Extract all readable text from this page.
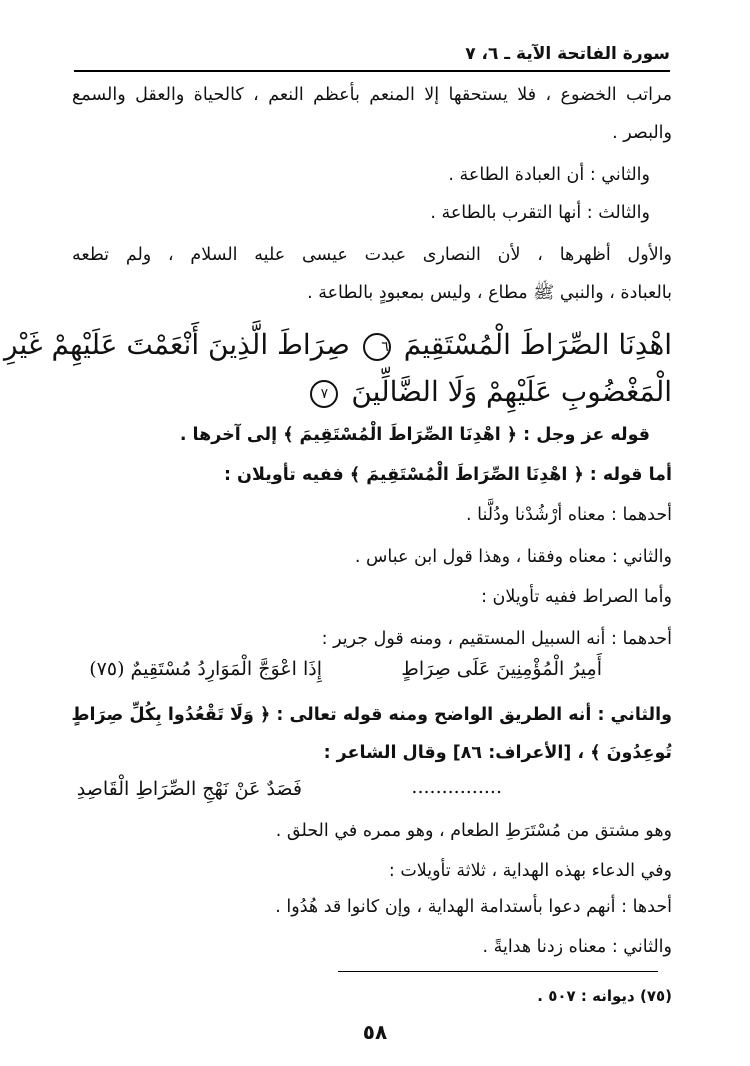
سورة الفاتحة الآية ـ ٦، ٧
مراتب الخضوع ، فلا يستحقها إلا المنعم بأعظم النعم ، كالحياة والعقل والسمع
والبصر .
والثاني : أن العبادة الطاعة .
والثالث : أنها التقرب بالطاعة .
والأول أظهرها ، لأن النصارى عبدت عيسى عليه السلام ، ولم تطعه
بالعبادة ، والنبي ﷺ مطاع ، وليس بمعبودٍ بالطاعة .
اهْدِنَا الصِّرَاطَ الْمُسْتَقِيمَ ٦ صِرَاطَ الَّذِينَ أَنْعَمْتَ عَلَيْهِمْ غَيْرِ
الْمَغْضُوبِ عَلَيْهِمْ وَلَا الضَّالِّينَ ٧
قوله عز وجل : ﴿ اهْدِنَا الصِّرَاطَ الْمُسْتَقِيمَ ﴾ إلى آخرها .
أما قوله : ﴿ اهْدِنَا الصِّرَاطَ الْمُسْتَقِيمَ ﴾ ففيه تأويلان :
أحدهما : معناه أرْشُدْنا ودُلَّنا .
والثاني : معناه وفقنا ، وهذا قول ابن عباس .
وأما الصراط ففيه تأويلان :
أحدهما : أنه السبيل المستقيم ، ومنه قول جرير :
أَمِيرُ الْمُؤْمِنِينَ عَلَى صِرَاطٍ
إِذَا اعْوَجَّ الْمَوَارِدُ مُسْتَقِيمٌ (٧٥)
والثاني : أنه الطريق الواضح ومنه قوله تعالى : ﴿ وَلَا تَقْعُدُوا بِكُلِّ صِرَاطٍ
تُوعِدُونَ ﴾ ، [الأعراف: ٨٦] وقال الشاعر :
...............
فَصَدٌ عَنْ نَهْجِ الصِّرَاطِ الْقَاصِدِ
وهو مشتق من مُسْتَرَطِ الطعام ، وهو ممره في الحلق .
وفي الدعاء بهذه الهداية ، ثلاثة تأويلات :
أحدها : أنهم دعوا بأستدامة الهداية ، وإن كانوا قد هُدُوا .
والثاني : معناه زدنا هدايةً .
(٧٥) ديوانه : ٥٠٧ .
٥٨
